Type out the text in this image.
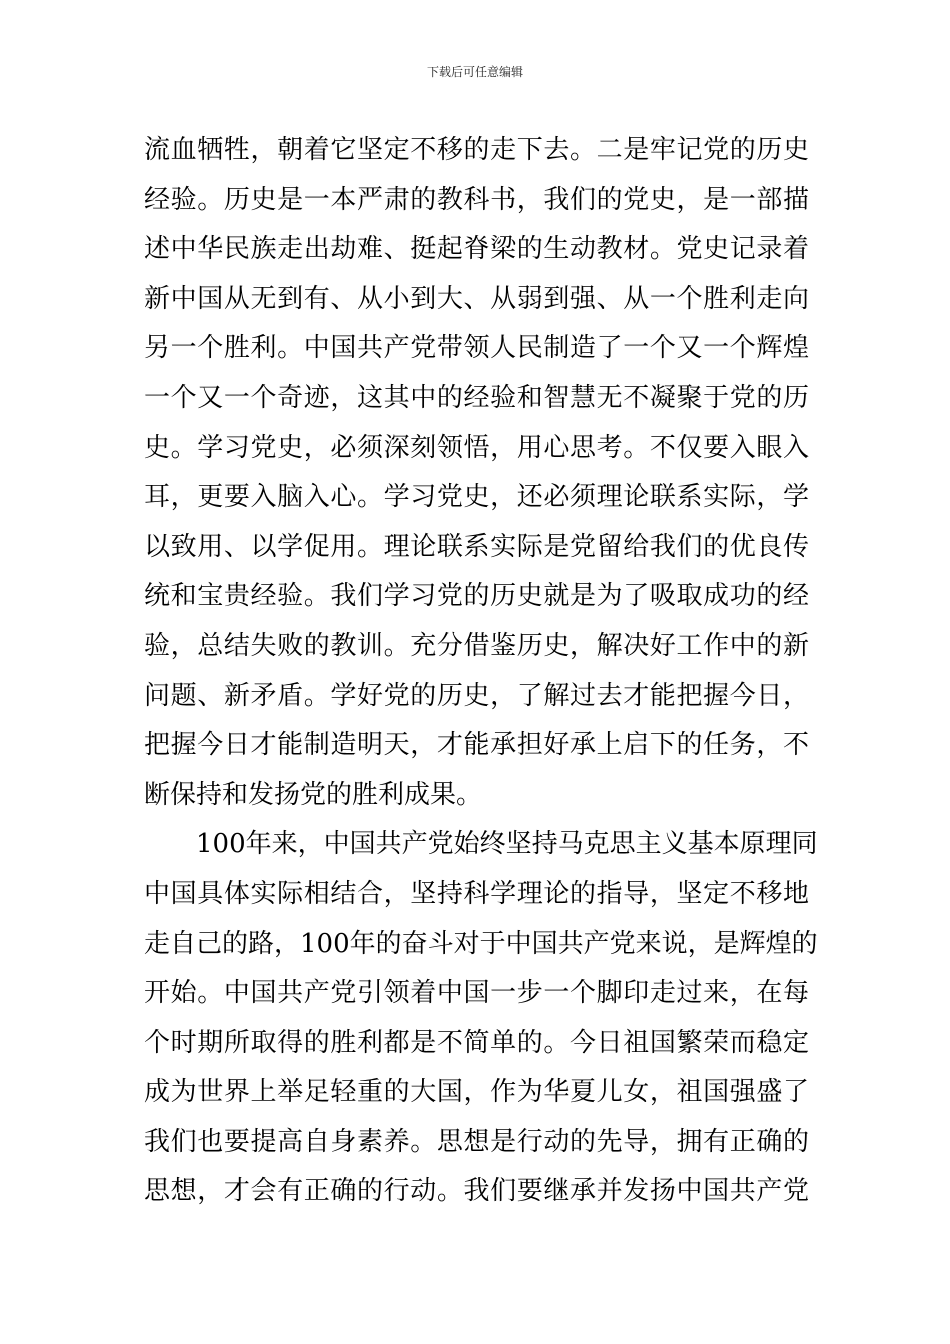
下载后可任意编辑
流血牺牲，朝着它坚定不移的走下去。二是牢记党的历史
经验。历史是一本严肃的教科书，我们的党史，是一部描
述中华民族走出劫难、挺起脊梁的生动教材。党史记录着
新中国从无到有、从小到大、从弱到强、从一个胜利走向
另一个胜利。中国共产党带领人民制造了一个又一个辉煌
一个又一个奇迹，这其中的经验和智慧无不凝聚于党的历
史。学习党史，必须深刻领悟，用心思考。不仅要入眼入
耳，更要入脑入心。学习党史，还必须理论联系实际，学
以致用、以学促用。理论联系实际是党留给我们的优良传
统和宝贵经验。我们学习党的历史就是为了吸取成功的经
验，总结失败的教训。充分借鉴历史，解决好工作中的新
问题、新矛盾。学好党的历史，了解过去才能把握今日，
把握今日才能制造明天，才能承担好承上启下的任务，不
断保持和发扬党的胜利成果。
100年来，中国共产党始终坚持马克思主义基本原理同
中国具体实际相结合，坚持科学理论的指导，坚定不移地
走自己的路，100年的奋斗对于中国共产党来说，是辉煌的
开始。中国共产党引领着中国一步一个脚印走过来，在每
个时期所取得的胜利都是不简单的。今日祖国繁荣而稳定
成为世界上举足轻重的大国，作为华夏儿女，祖国强盛了
我们也要提高自身素养。思想是行动的先导，拥有正确的
思想，才会有正确的行动。我们要继承并发扬中国共产党
